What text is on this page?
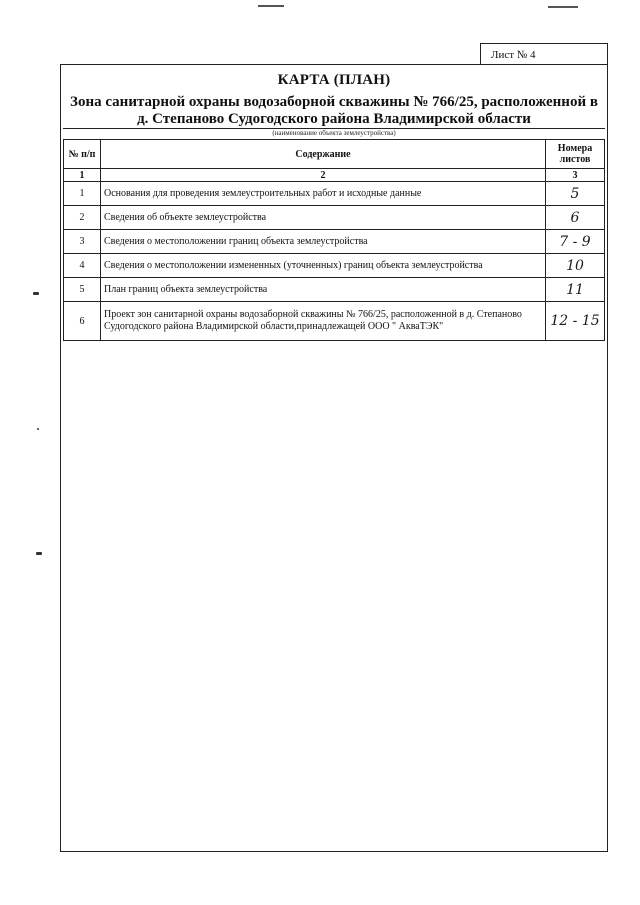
Лист № 4
КАРТА (ПЛАН)
Зона санитарной охраны водозаборной скважины № 766/25, расположенной в
д. Степаново Судогодского района Владимирской области
(наименование объекта землеустройства)
№ п/п	Содержание	Номера листов
1	2	3
1	Основания для проведения землеустроительных работ и исходные данные	5
2	Сведения об объекте землеустройства	6
3	Сведения о местоположении границ объекта землеустройства	7 - 9
4	Сведения о местоположении измененных (уточненных) границ объекта землеустройства	10
5	План границ объекта землеустройства	11
6	Проект зон санитарной охраны водозаборной скважины № 766/25, расположенной в д. Степаново Судогодского района Владимирской области,принадлежащей ООО " АкваТЭК"	12 - 15
